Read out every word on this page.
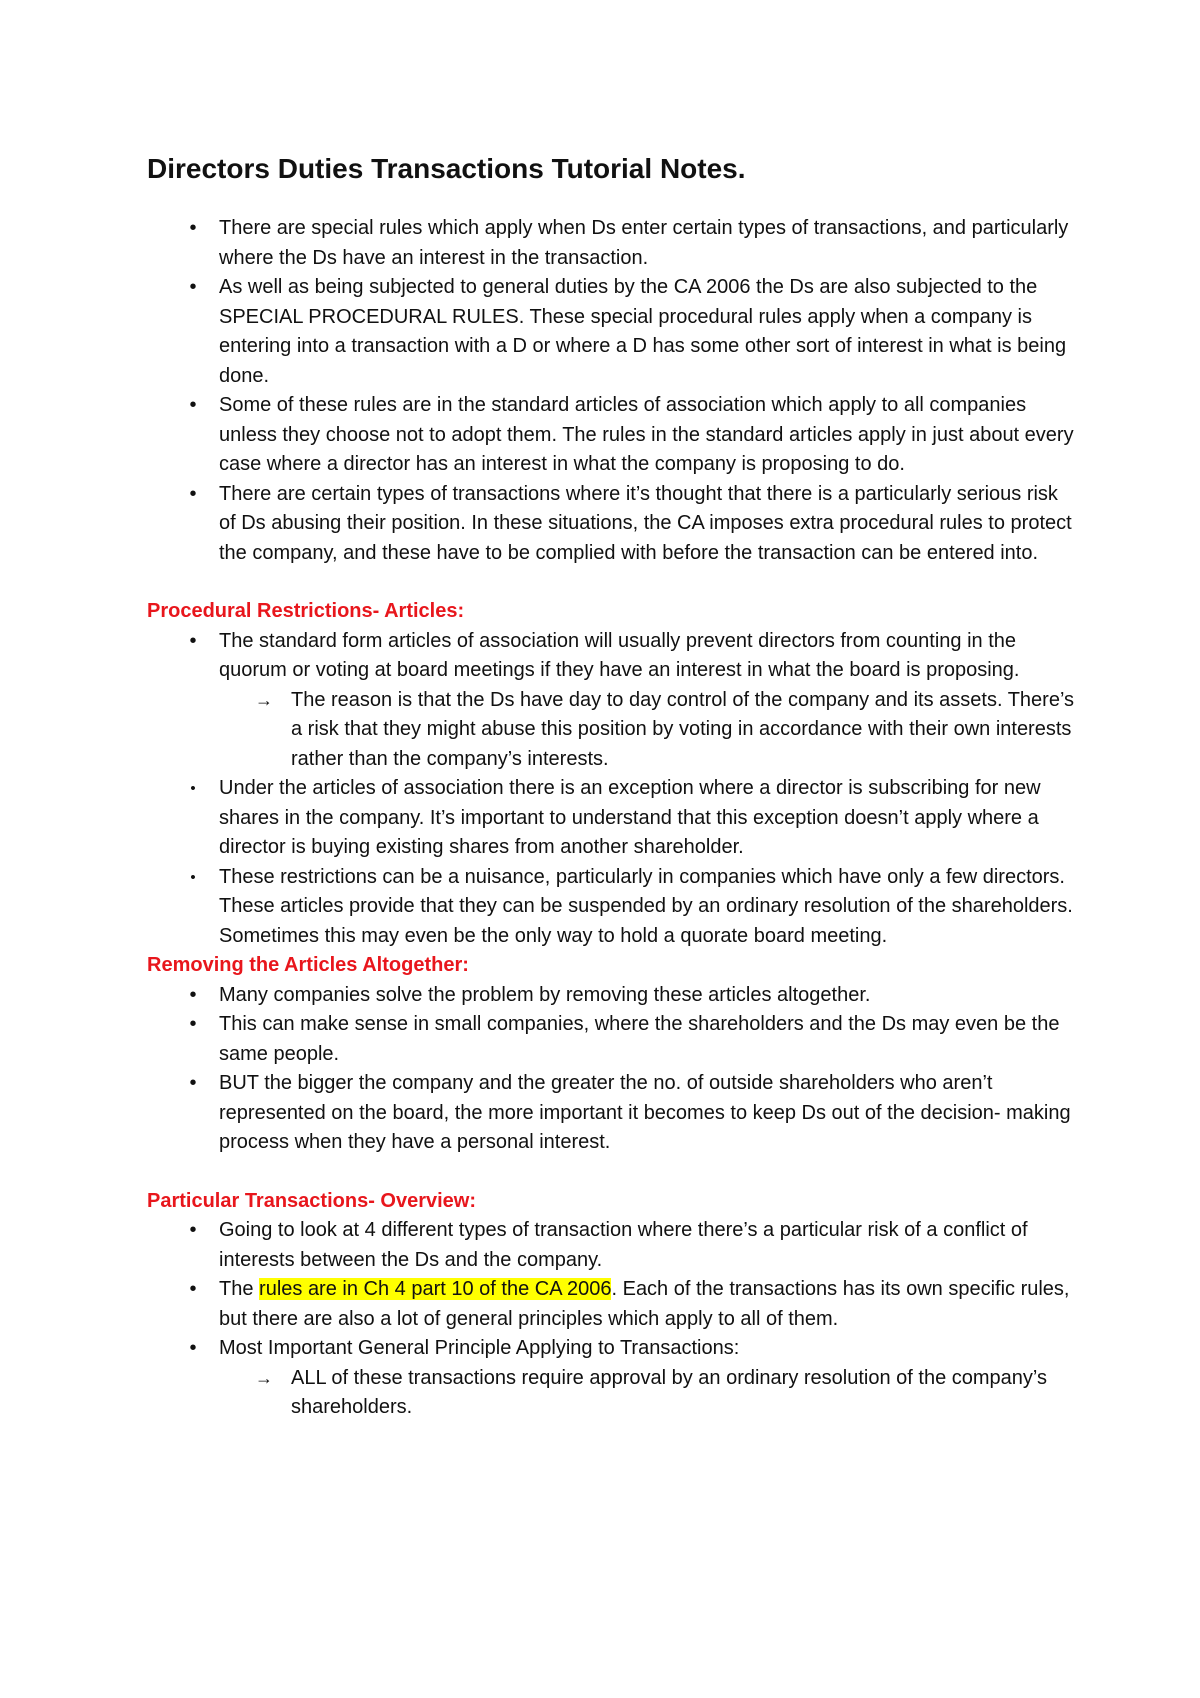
Directors Duties Transactions Tutorial Notes.
• There are special rules which apply when Ds enter certain types of transactions, and particularly where the Ds have an interest in the transaction.
• As well as being subjected to general duties by the CA 2006 the Ds are also subjected to the SPECIAL PROCEDURAL RULES. These special procedural rules apply when a company is entering into a transaction with a D or where a D has some other sort of interest in what is being done.
• Some of these rules are in the standard articles of association which apply to all companies unless they choose not to adopt them. The rules in the standard articles apply in just about every case where a director has an interest in what the company is proposing to do.
• There are certain types of transactions where it’s thought that there is a particularly serious risk of Ds abusing their position. In these situations, the CA imposes extra procedural rules to protect the company, and these have to be complied with before the transaction can be entered into.
Procedural Restrictions- Articles:
• The standard form articles of association will usually prevent directors from counting in the quorum or voting at board meetings if they have an interest in what the board is proposing.
→ The reason is that the Ds have day to day control of the company and its assets. There’s a risk that they might abuse this position by voting in accordance with their own interests rather than the company’s interests.
• Under the articles of association there is an exception where a director is subscribing for new shares in the company. It’s important to understand that this exception doesn’t apply where a director is buying existing shares from another shareholder.
• These restrictions can be a nuisance, particularly in companies which have only a few directors. These articles provide that they can be suspended by an ordinary resolution of the shareholders. Sometimes this may even be the only way to hold a quorate board meeting.
Removing the Articles Altogether:
• Many companies solve the problem by removing these articles altogether.
• This can make sense in small companies, where the shareholders and the Ds may even be the same people.
• BUT the bigger the company and the greater the no. of outside shareholders who aren’t represented on the board, the more important it becomes to keep Ds out of the decision- making process when they have a personal interest.
Particular Transactions- Overview:
• Going to look at 4 different types of transaction where there’s a particular risk of a conflict of interests between the Ds and the company.
• The rules are in Ch 4 part 10 of the CA 2006. Each of the transactions has its own specific rules, but there are also a lot of general principles which apply to all of them.
• Most Important General Principle Applying to Transactions:
→ ALL of these transactions require approval by an ordinary resolution of the company’s shareholders.
